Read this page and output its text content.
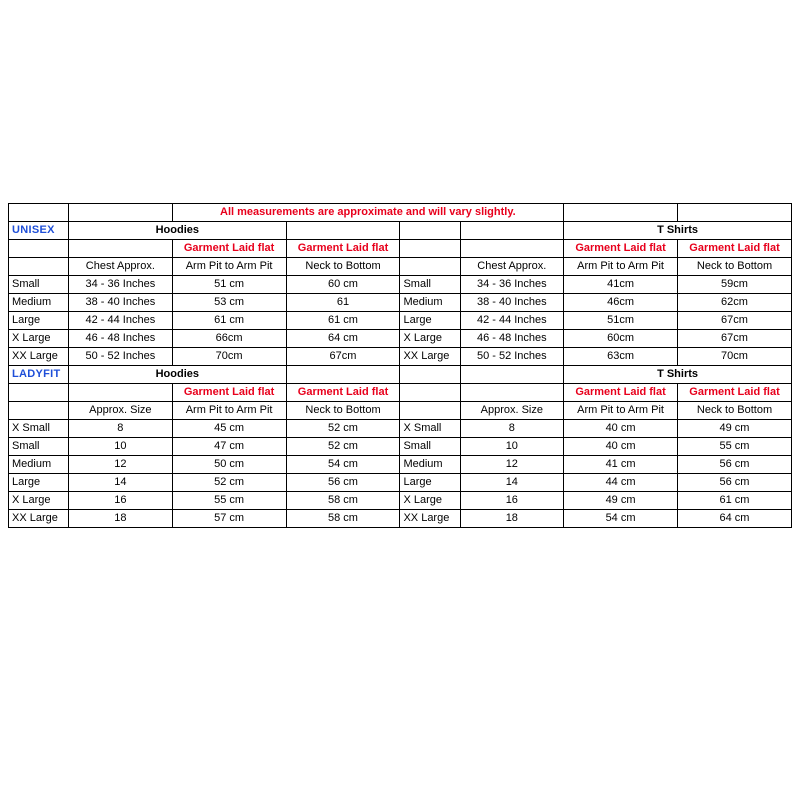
		All measurements are approximate and will vary slightly.					
UNISEX	Hoodies					T Shirts	
		Garment Laid flat	Garment Laid flat			Garment Laid flat	Garment Laid flat
	Chest Approx.	Arm Pit to Arm Pit	Neck to Bottom		Chest Approx.	Arm Pit to Arm Pit	Neck to Bottom
Small	34 - 36 Inches	51 cm	60 cm	Small	34 - 36 Inches	41cm	59cm
Medium	38 - 40 Inches	53 cm	61	Medium	38 - 40 Inches	46cm	62cm
Large	42 - 44 Inches	61 cm	61 cm	Large	42 - 44 Inches	51cm	67cm
X Large	46 - 48 Inches	66cm	64 cm	X Large	46 - 48 Inches	60cm	67cm
XX Large	50 - 52 Inches	70cm	67cm	XX Large	50 - 52 Inches	63cm	70cm
LADYFIT	Hoodies					T Shirts	
		Garment Laid flat	Garment Laid flat			Garment Laid flat	Garment Laid flat
	Approx. Size	Arm Pit to Arm Pit	Neck to Bottom		Approx. Size	Arm Pit to Arm Pit	Neck to Bottom
X Small	8	45 cm	52 cm	X Small	8	40 cm	49 cm
Small	10	47 cm	52 cm	Small	10	40 cm	55 cm
Medium	12	50 cm	54 cm	Medium	12	41 cm	56 cm
Large	14	52 cm	56 cm	Large	14	44 cm	56 cm
X Large	16	55 cm	58 cm	X Large	16	49 cm	61 cm
XX Large	18	57 cm	58 cm	XX Large	18	54 cm	64 cm
